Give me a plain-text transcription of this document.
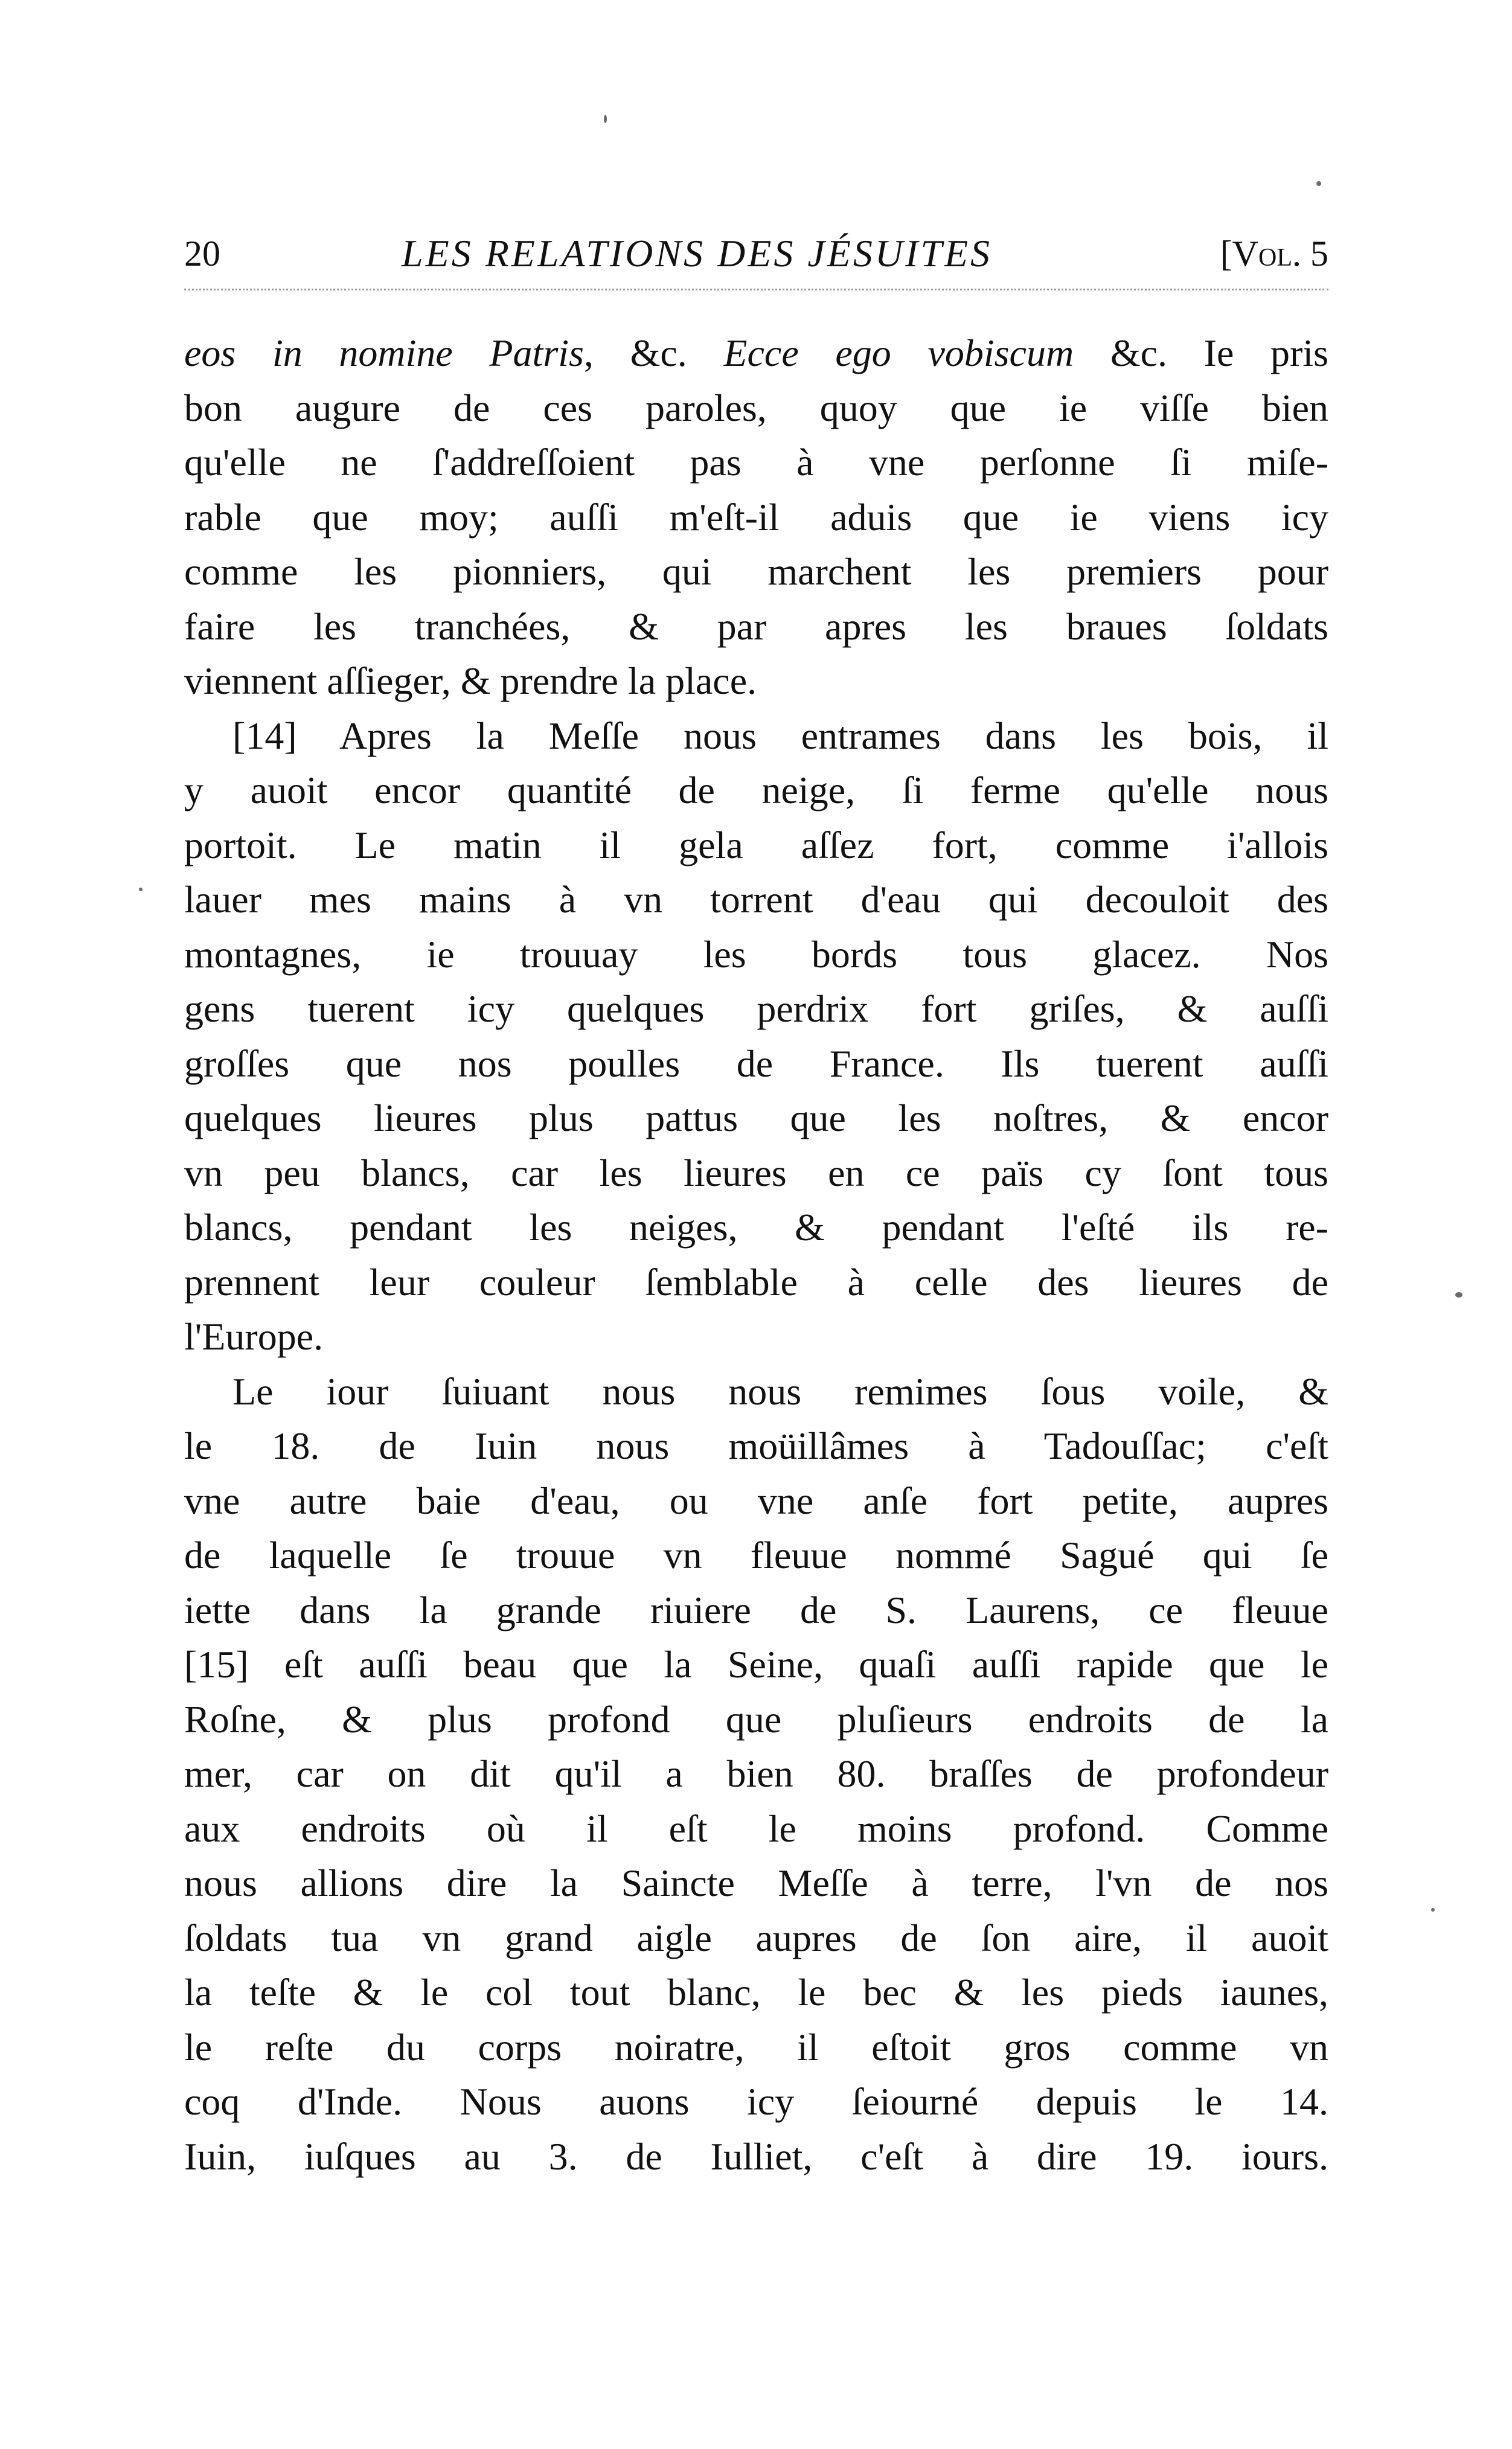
20	LES RELATIONS DES JÉSUITES	[Vol. 5
eos in nomine Patris, &c. Ecce ego vobiscum &c. Ie pris
bon augure de ces paroles, quoy que ie viſſe bien
qu'elle ne ſ'addreſſoient pas à vne perſonne ſi miſe-
rable que moy; auſſi m'eſt-il aduis que ie viens icy
comme les pionniers, qui marchent les premiers pour
faire les tranchées, & par apres les braues ſoldats
viennent aſſieger, & prendre la place.
[14] Apres la Meſſe nous entrames dans les bois, il
y auoit encor quantité de neige, ſi ferme qu'elle nous
portoit. Le matin il gela aſſez fort, comme i'allois
lauer mes mains à vn torrent d'eau qui decouloit des
montagnes, ie trouuay les bords tous glacez. Nos
gens tuerent icy quelques perdrix fort griſes, & auſſi
groſſes que nos poulles de France. Ils tuerent auſſi
quelques lieures plus pattus que les noſtres, & encor
vn peu blancs, car les lieures en ce païs cy ſont tous
blancs, pendant les neiges, & pendant l'eſté ils re-
prennent leur couleur ſemblable à celle des lieures de
l'Europe.
Le iour ſuiuant nous nous remimes ſous voile, &
le 18. de Iuin nous moüillâmes à Tadouſſac; c'eſt
vne autre baie d'eau, ou vne anſe fort petite, aupres
de laquelle ſe trouue vn fleuue nommé Sagué qui ſe
iette dans la grande riuiere de S. Laurens, ce fleuue
[15] eſt auſſi beau que la Seine, quaſi auſſi rapide que le
Roſne, & plus profond que pluſieurs endroits de la
mer, car on dit qu'il a bien 80. braſſes de profondeur
aux endroits où il eſt le moins profond. Comme
nous allions dire la Saincte Meſſe à terre, l'vn de nos
ſoldats tua vn grand aigle aupres de ſon aire, il auoit
la teſte & le col tout blanc, le bec & les pieds iaunes,
le reſte du corps noiratre, il eſtoit gros comme vn
coq d'Inde. Nous auons icy ſeiourné depuis le 14.
Iuin, iuſques au 3. de Iulliet, c'eſt à dire 19. iours.
